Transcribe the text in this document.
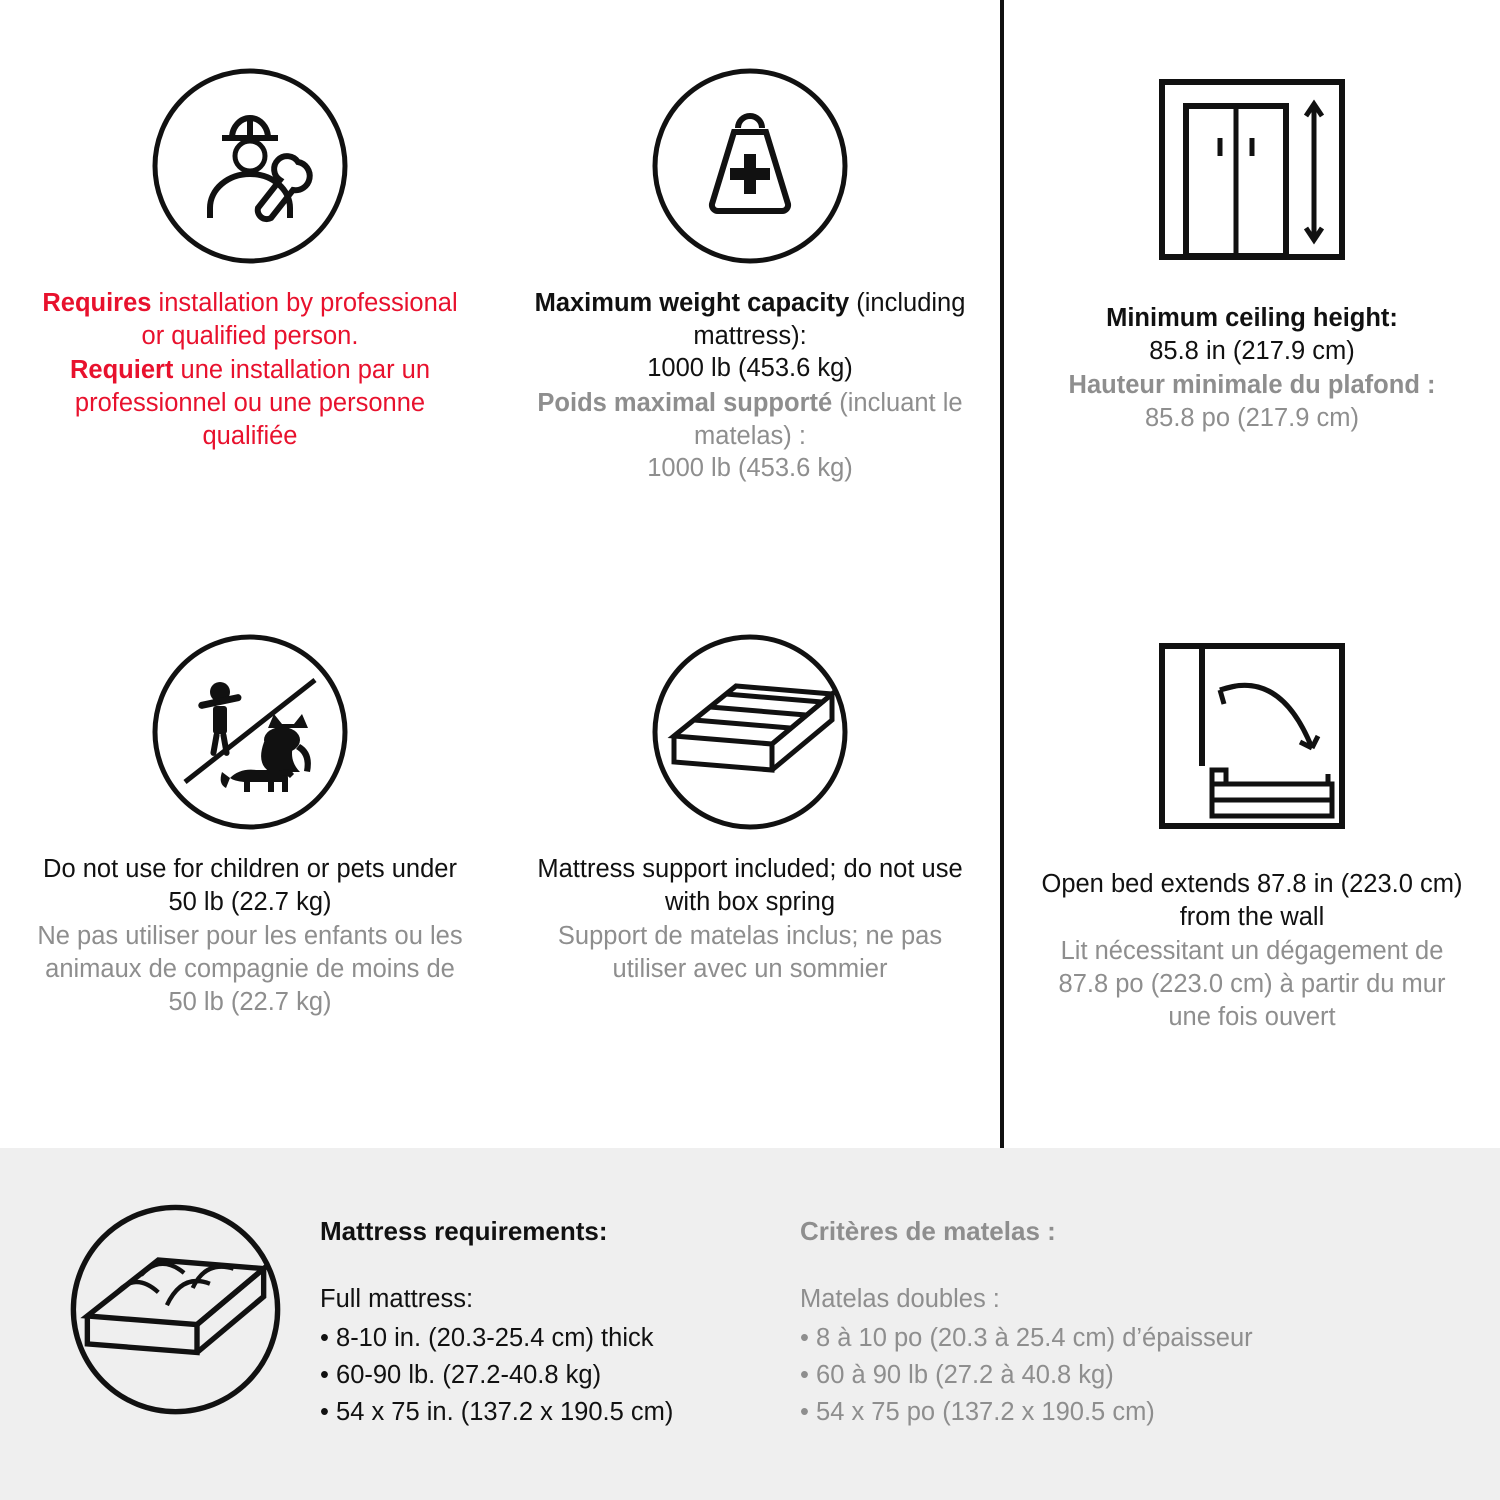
Requires installation by professional or qualified person.
Requiert une installation par un professionnel ou une personne qualifiée
Maximum weight capacity (including mattress):
1000 lb (453.6 kg)
Poids maximal supporté (incluant le matelas) :
1000 lb (453.6 kg)
Do not use for children or pets under 50 lb (22.7 kg)
Ne pas utiliser pour les enfants ou les animaux de compagnie de moins de 50 lb (22.7 kg)
Mattress support included; do not use with box spring
Support de matelas inclus; ne pas utiliser avec un sommier
Minimum ceiling height:
85.8 in (217.9 cm)
Hauteur minimale du plafond :
85.8 po (217.9 cm)
Open bed extends 87.8 in (223.0 cm) from the wall
Lit nécessitant un dégagement de 87.8 po (223.0 cm) à partir du mur une fois ouvert
Mattress requirements:
Full mattress:
• 8-10 in. (20.3-25.4 cm) thick
• 60-90 lb. (27.2-40.8 kg)
• 54 x 75 in. (137.2 x 190.5 cm)
Critères de matelas :
Matelas doubles :
• 8 à 10 po (20.3 à 25.4 cm) d’épaisseur
• 60 à 90 lb (27.2 à 40.8 kg)
• 54 x 75 po (137.2 x 190.5 cm)
